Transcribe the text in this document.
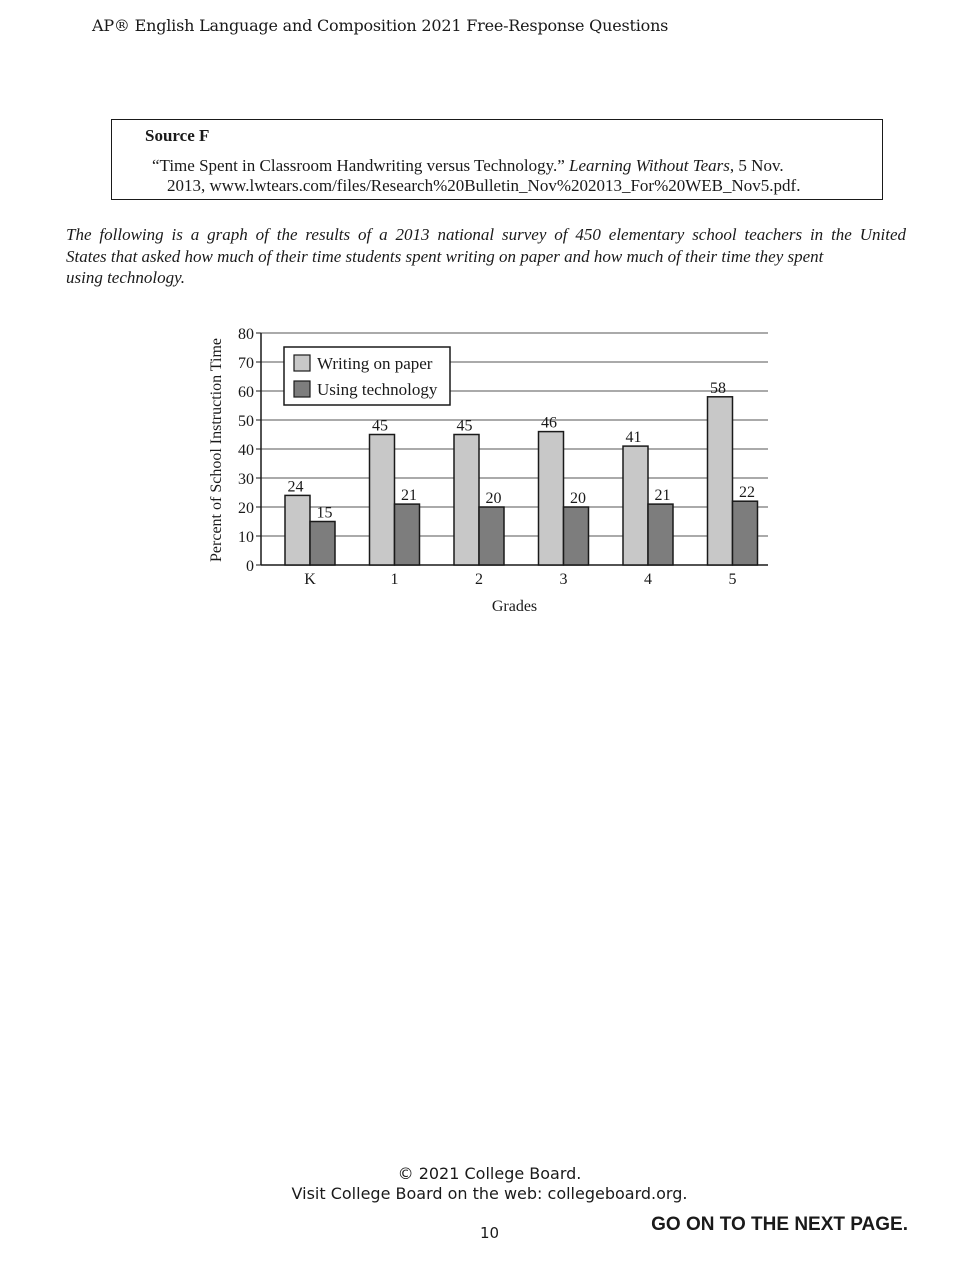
AP® English Language and Composition 2021 Free-Response Questions
Source F
“Time Spent in Classroom Handwriting versus Technology.” Learning Without Tears, 5 Nov.
2013, www.lwtears.com/files/Research%20Bulletin_Nov%202013_For%20WEB_Nov5.pdf.
The following is a graph of the results of a 2013 national survey of 450 elementary school teachers in the United
States that asked how much of their time students spent writing on paper and how much of their time they spent
using technology.
0
10
20
30
40
50
60
70
80
24
15
K
45
21
1
45
20
2
46
20
3
41
21
4
58
22
5
Grades
Percent of School Instruction Time	Writing on paper
Using technology
© 2021 College Board.
Visit College Board on the web: collegeboard.org.
10	GO ON TO THE NEXT PAGE.
